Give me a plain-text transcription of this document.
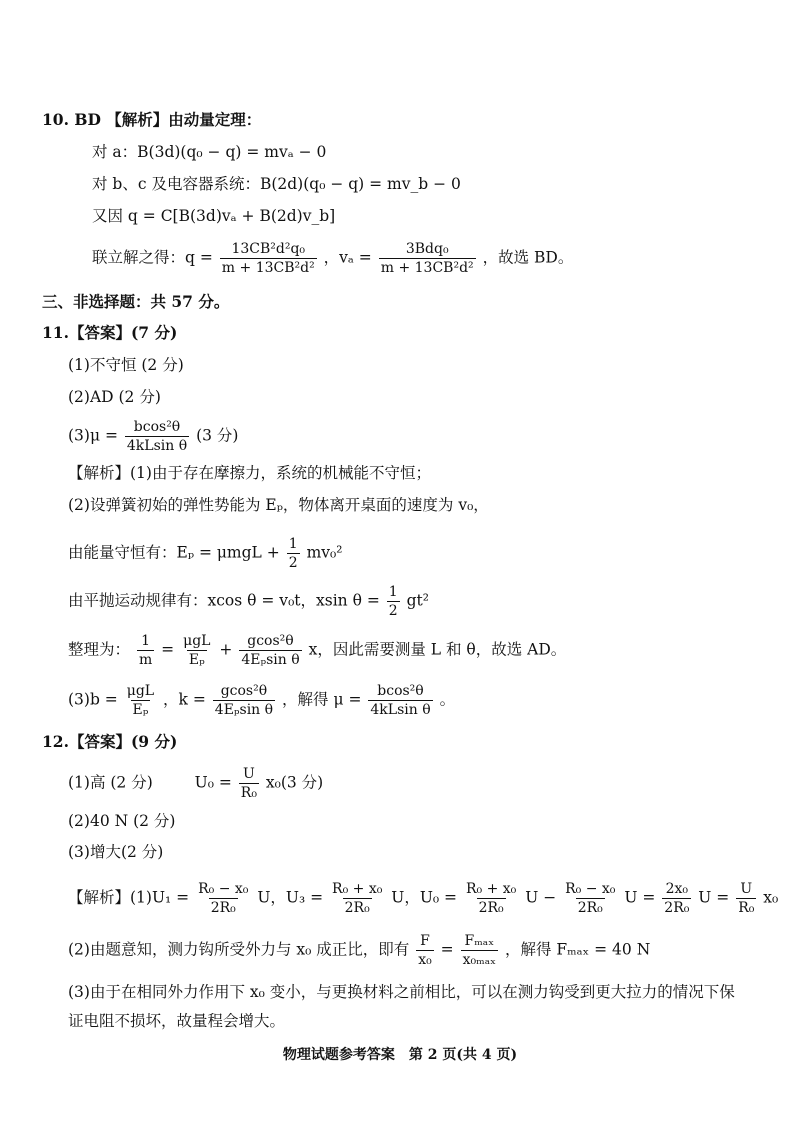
10. BD 【解析】由动量定理：
对 a：B(3d)(q₀ − q) = mvₐ − 0
对 b、c 及电容器系统：B(2d)(q₀ − q) = mv_b − 0
又因 q = C[B(3d)vₐ + B(2d)v_b]
联立解之得：$q = \frac{\text{13CB²d²q₀}}{\text{m + 13CB²d²}}$ ，$v_a = \frac{\text{3Bdq₀}}{\text{m + 13CB²d²}}$ ，故选 BD。
三、非选择题：共 57 分。
11.【答案】(7 分)
(1)不守恒 (2 分)
(2)AD (2 分)
$(3)\mu = \frac{\text{bcos²θ}}{\text{4kLsin θ}} (3$ 分)
【解析】(1)由于存在摩擦力，系统的机械能不守恒；
(2)设弹簧初始的弹性势能为 Eₚ，物体离开桌面的速度为 v₀，
由能量守恒有：$E_p = \mu mgL + \frac{1}{2} mv_0^2$
由平抛运动规律有：xcos θ = v₀t，xsin $\theta = \frac{1}{2} gt^2$
整理为： $\frac{1}{m} = \frac{\text{μgL}}{\text{Eₚ}} + \frac{\text{gcos²θ}}{\text{4Eₚsin θ}}$ x，因此需要测量 L 和 θ，故选 AD。
$(3)b = \frac{\text{μgL}}{\text{Eₚ}}$ ，$k = \frac{\text{gcos²θ}}{\text{4Eₚsin θ}}$ ，解得 $\mu = \frac{\text{bcos²θ}}{\text{4kLsin θ}}$ 。
12.【答案】(9 分)
(1)高 (2 分)	$U_0 = \frac{U}{\text{R₀}} x_0(3$ 分)
(2)40 N (2 分)
(3)增大(2 分)
【解析】$(1)U_1 = \frac{\text{R₀ − x₀}}{\text{2R₀}}$ U，$U_3 = \frac{\text{R₀ + x₀}}{\text{2R₀}}$ U，$U_0 = \frac{\text{R₀ + x₀}}{\text{2R₀}}$ $U - \frac{\text{R₀ − x₀}}{\text{2R₀}}$ $U = \frac{\text{2x₀}}{\text{2R₀}}$ $U = \frac{U}{\text{R₀}} x_0$
(2)由题意知，测力钩所受外力与 x₀ 成正比，即有 $\frac{F}{\text{x₀}} = \frac{\text{Fₘₐₓ}}{\text{x₀ₘₐₓ}}$ ，解得 Fₘₐₓ = 40 N
(3)由于在相同外力作用下 x₀ 变小，与更换材料之前相比，可以在测力钩受到更大拉力的情况下保
证电阻不损坏，故量程会增大。
物理试题参考答案　第 2 页(共 4 页)
